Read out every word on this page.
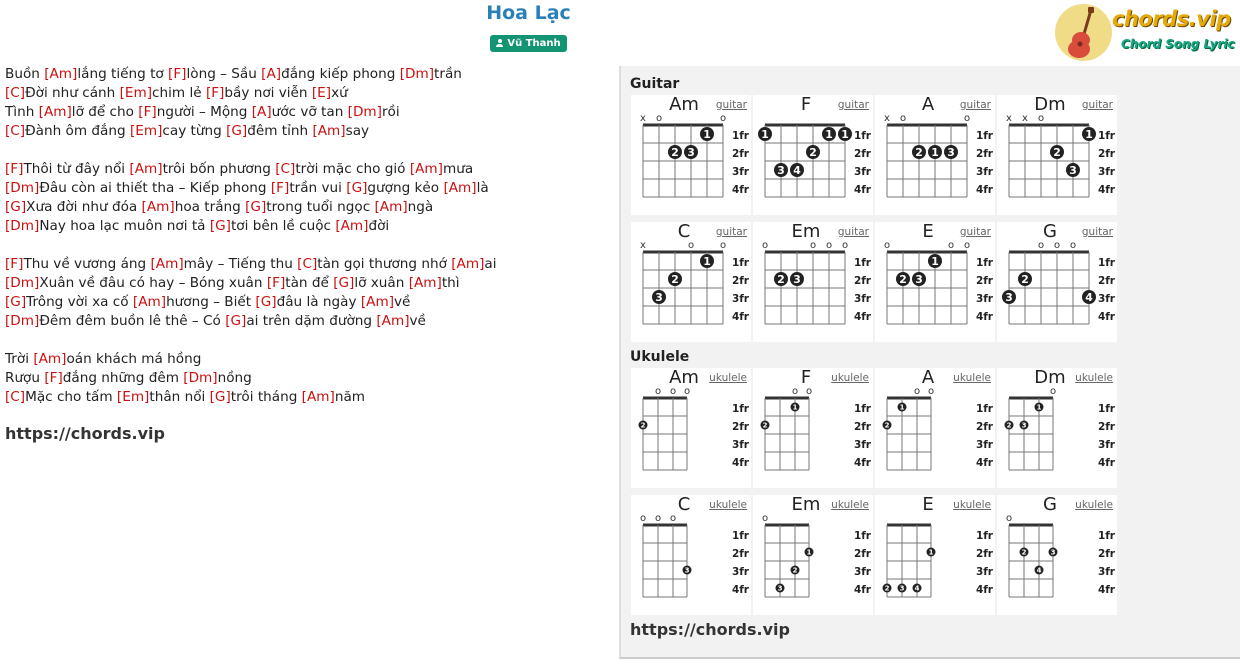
Hoa Lạc
Vũ Thanh
chords.vip
Chord Song Lyric
Buồn [Am]lắng tiếng tơ [F]lòng – Sầu [A]đắng kiếp phong [Dm]trần
[C]Đời như cánh [Em]chim lẻ [F]bầy nơi viễn [E]xứ
Tình [Am]lỡ để cho [F]người – Mộng [A]ước vỡ tan [Dm]rồi
[C]Đành ôm đắng [Em]cay từng [G]đêm tỉnh [Am]say
[F]Thôi từ đây nổi [Am]trôi bốn phương [C]trời mặc cho gió [Am]mưa
[Dm]Đâu còn ai thiết tha – Kiếp phong [F]trần vui [G]gượng kẻo [Am]là
[G]Xưa đời như đóa [Am]hoa trắng [G]trong tuổi ngọc [Am]ngà
[Dm]Nay hoa lạc muôn nơi tả [G]tơi bên lề cuộc [Am]đời
[F]Thu về vương áng [Am]mây – Tiếng thu [C]tàn gọi thương nhớ [Am]ai
[Dm]Xuân về đâu có hay – Bóng xuân [F]tàn để [G]lỡ xuân [Am]thì
[G]Trông vời xa cố [Am]hương – Biết [G]đâu là ngày [Am]về
[Dm]Đêm đêm buồn lê thê – Có [G]ai trên dặm đường [Am]về
Trời [Am]oán khách má hồng
Rượu [F]đắng những đêm [Dm]nồng
[C]Mặc cho tấm [Em]thân nổi [G]trôi tháng [Am]năm
https://chords.vip
Guitar
Ukulele
1fr
2fr
3fr
4fr
x o	o
2 3
1
Am	guitar
1fr
2fr
3fr
4fr
1	1 1
2
3 4
F	guitar
1fr
2fr
3fr
4fr
x o	o
2 1 3
A	guitar
1fr
2fr
3fr
4fr
x x o
1
2
3
Dm	guitar
1fr
2fr
3fr
4fr
x	o	o
1
2
3
C	guitar
1fr
2fr
3fr
4fr
o	o o o
2 3
Em	guitar
1fr
2fr
3fr
4fr
o	o o
1
2 3
E	guitar
1fr
2fr
3fr
4fr
o o o
2
3	4
G	guitar
1fr
2fr
3fr
4fr
o o o
2
Am ukulele
1fr
2fr
3fr
4fr
o o
1
2
F	ukulele
1fr
2fr
3fr
4fr
o o
1
2
A	ukulele
1fr
2fr
3fr
4fr
o
1
2 3
Dm ukulele
1fr
2fr
3fr
4fr
o o o
3
C	ukulele
1fr
2fr
3fr
4fr
o
1
2
3
Em	ukulele
1fr
2fr
3fr
4fr
1
2 3 4
E	ukulele
1fr
2fr
3fr
4fr
o
2	3
4
G	ukulele
https://chords.vip
